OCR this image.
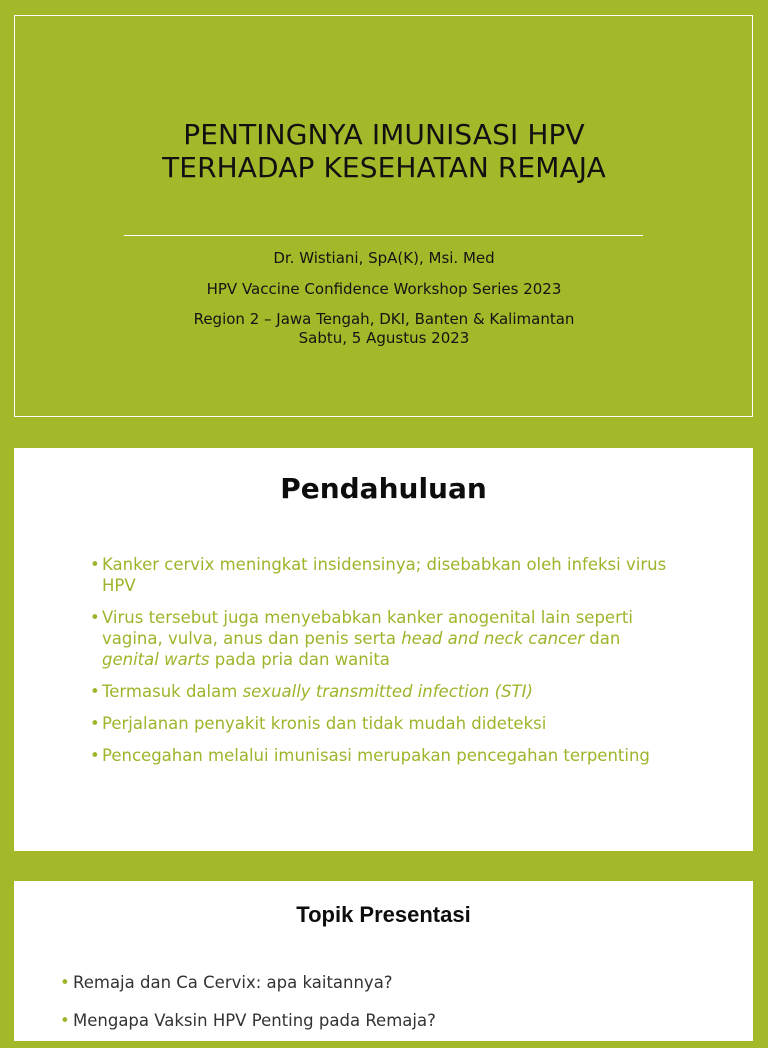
PENTINGNYA IMUNISASI HPV
TERHADAP KESEHATAN REMAJA
Dr. Wistiani, SpA(K), Msi. Med
HPV Vaccine Confidence Workshop Series 2023
Region 2 – Jawa Tengah, DKI, Banten & Kalimantan
Sabtu, 5 Agustus 2023
Pendahuluan
• Kanker cervix meningkat insidensinya; disebabkan oleh infeksi virus HPV
• Virus tersebut juga menyebabkan kanker anogenital lain seperti vagina, vulva, anus dan penis serta head and neck cancer dan
genital warts pada pria dan wanita
• Termasuk dalam sexually transmitted infection (STI)
• Perjalanan penyakit kronis dan tidak mudah dideteksi
• Pencegahan melalui imunisasi merupakan pencegahan terpenting
Topik Presentasi
• Remaja dan Ca Cervix: apa kaitannya?
• Mengapa Vaksin HPV Penting pada Remaja?
